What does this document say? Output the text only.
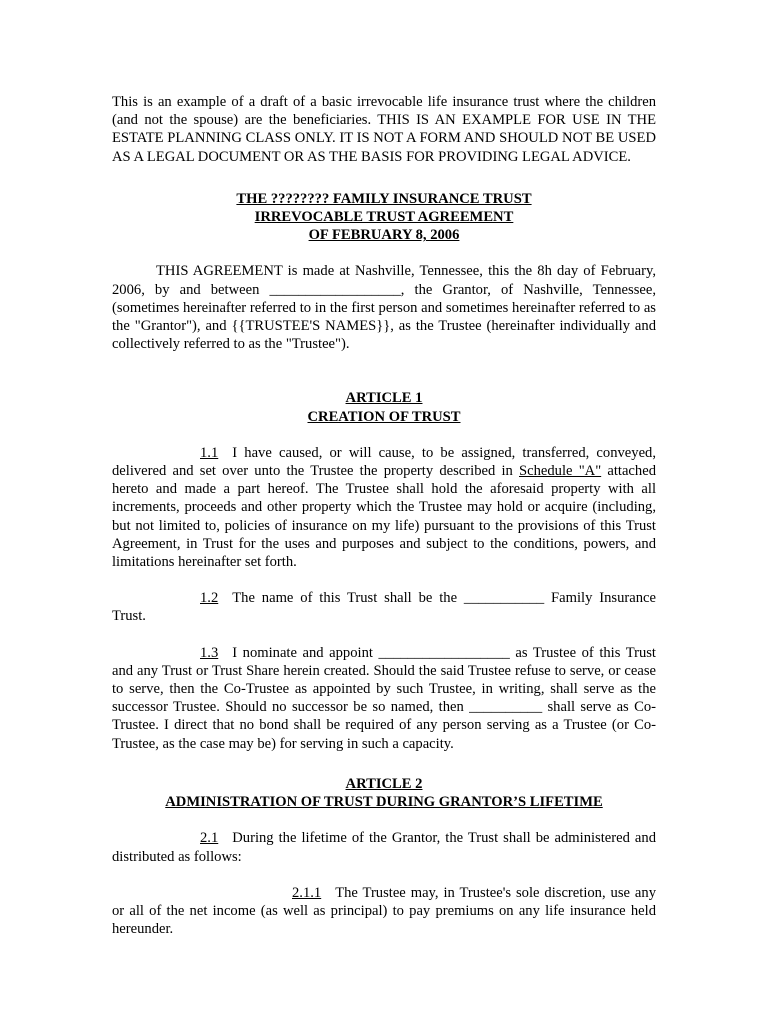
This is an example of a draft of a basic irrevocable life insurance trust where the children (and not the spouse) are the beneficiaries. THIS IS AN EXAMPLE FOR USE IN THE ESTATE PLANNING CLASS ONLY. IT IS NOT A FORM AND SHOULD NOT BE USED AS A LEGAL DOCUMENT OR AS THE BASIS FOR PROVIDING LEGAL ADVICE.

THE ???????? FAMILY INSURANCE TRUST
IRREVOCABLE TRUST AGREEMENT
OF FEBRUARY 8, 2006

THIS AGREEMENT is made at Nashville, Tennessee, this the 8h day of February, 2006, by and between __________________, the Grantor, of Nashville, Tennessee, (sometimes hereinafter referred to in the first person and sometimes hereinafter referred to as the "Grantor"), and {{TRUSTEE'S NAMES}}, as the Trustee (hereinafter individually and collectively referred to as the "Trustee").

ARTICLE 1
CREATION OF TRUST

1.1 I have caused, or will cause, to be assigned, transferred, conveyed, delivered and set over unto the Trustee the property described in Schedule "A" attached hereto and made a part hereof. The Trustee shall hold the aforesaid property with all increments, proceeds and other property which the Trustee may hold or acquire (including, but not limited to, policies of insurance on my life) pursuant to the provisions of this Trust Agreement, in Trust for the uses and purposes and subject to the conditions, powers, and limitations hereinafter set forth.

1.2 The name of this Trust shall be the ___________ Family Insurance Trust.

1.3 I nominate and appoint __________________ as Trustee of this Trust and any Trust or Trust Share herein created. Should the said Trustee refuse to serve, or cease to serve, then the Co-Trustee as appointed by such Trustee, in writing, shall serve as the successor Trustee. Should no successor be so named, then __________ shall serve as Co-Trustee. I direct that no bond shall be required of any person serving as a Trustee (or Co-Trustee, as the case may be) for serving in such a capacity.

ARTICLE 2
ADMINISTRATION OF TRUST DURING GRANTOR’S LIFETIME

2.1 During the lifetime of the Grantor, the Trust shall be administered and distributed as follows:

2.1.1 The Trustee may, in Trustee's sole discretion, use any or all of the net income (as well as principal) to pay premiums on any life insurance held hereunder.
